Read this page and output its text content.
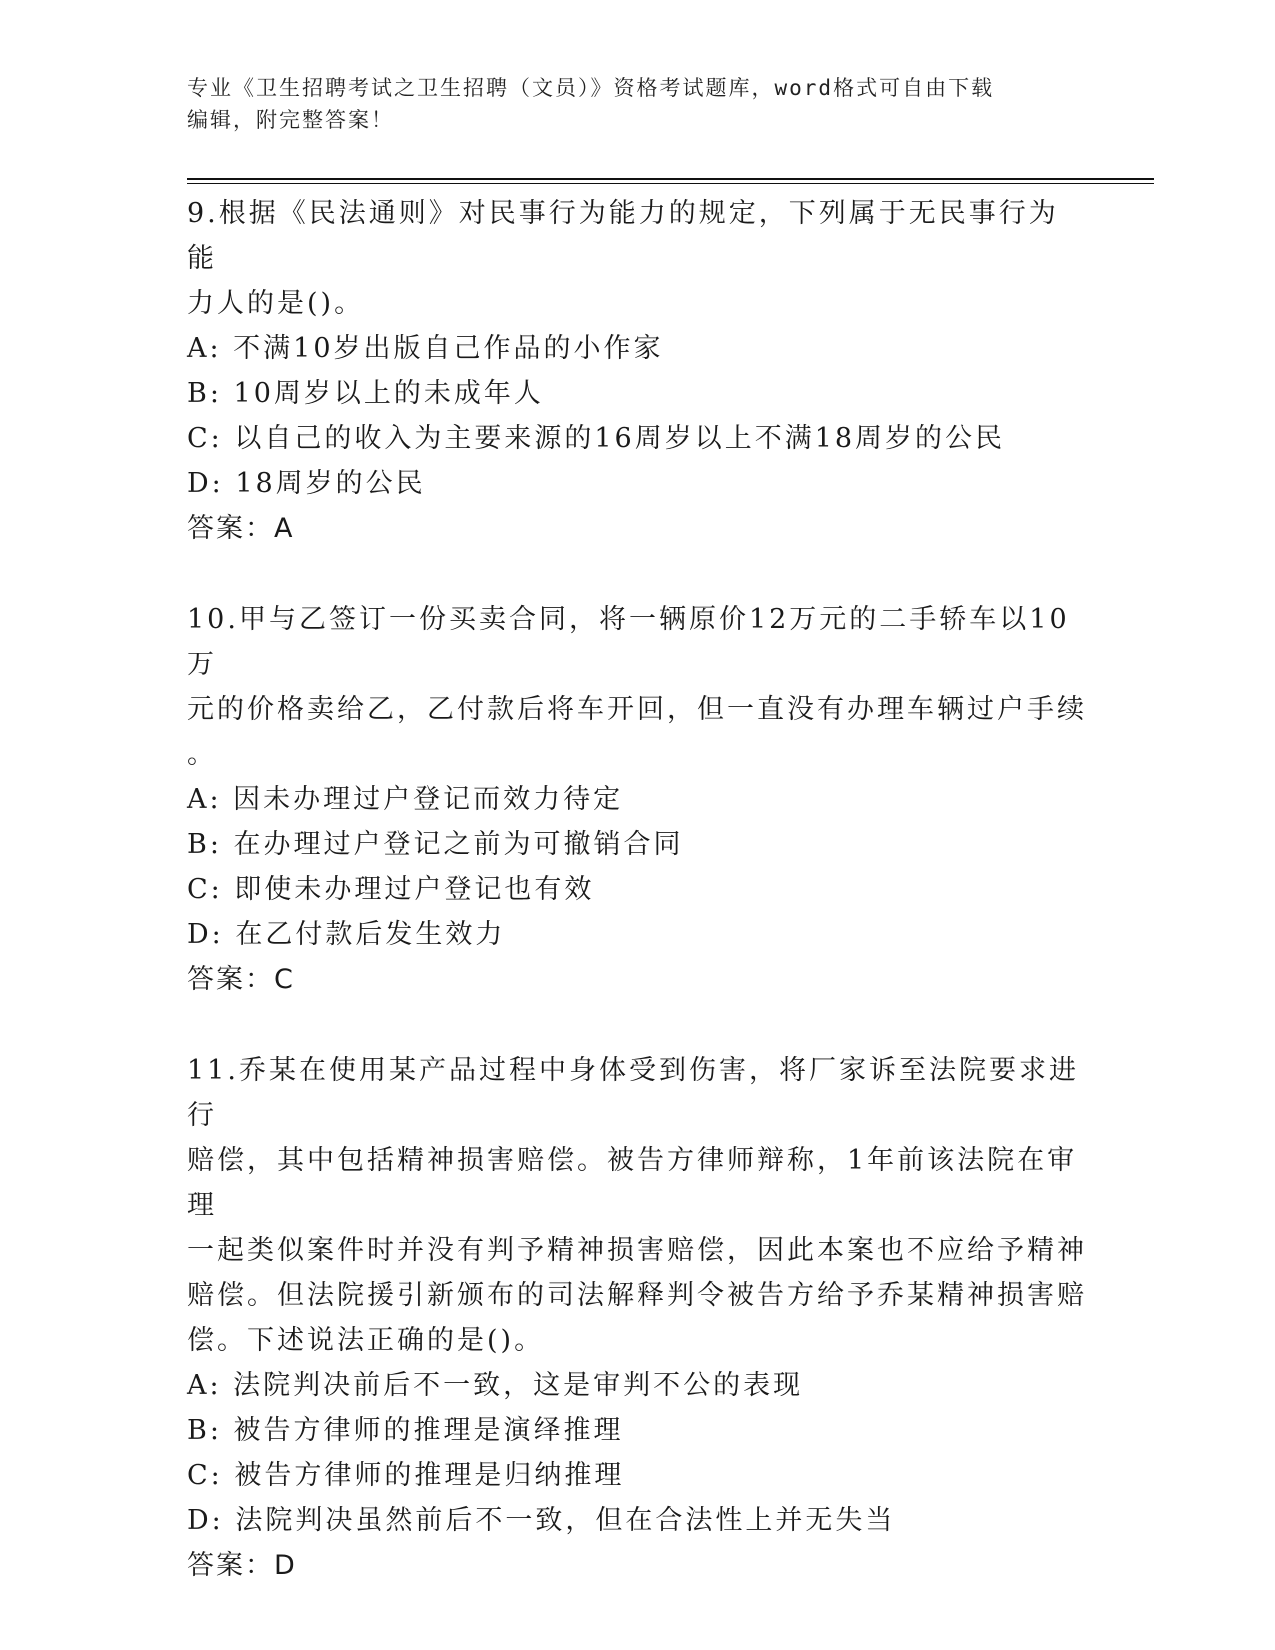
专业《卫生招聘考试之卫生招聘（文员）》资格考试题库，word格式可自由下载
编辑，附完整答案！
9.根据《民法通则》对民事行为能力的规定，下列属于无民事行为能
力人的是()。
A: 不满10岁出版自己作品的小作家
B: 10周岁以上的未成年人
C: 以自己的收入为主要来源的16周岁以上不满18周岁的公民
D: 18周岁的公民
答案：A
10.甲与乙签订一份买卖合同，将一辆原价12万元的二手轿车以10万
元的价格卖给乙，乙付款后将车开回，但一直没有办理车辆过户手续
。
A: 因未办理过户登记而效力待定
B: 在办理过户登记之前为可撤销合同
C: 即使未办理过户登记也有效
D: 在乙付款后发生效力
答案：C
11.乔某在使用某产品过程中身体受到伤害，将厂家诉至法院要求进行
赔偿，其中包括精神损害赔偿。被告方律师辩称，1年前该法院在审理
一起类似案件时并没有判予精神损害赔偿，因此本案也不应给予精神
赔偿。但法院援引新颁布的司法解释判令被告方给予乔某精神损害赔
偿。下述说法正确的是()。
A: 法院判决前后不一致，这是审判不公的表现
B: 被告方律师的推理是演绎推理
C: 被告方律师的推理是归纳推理
D: 法院判决虽然前后不一致，但在合法性上并无失当
答案：D
